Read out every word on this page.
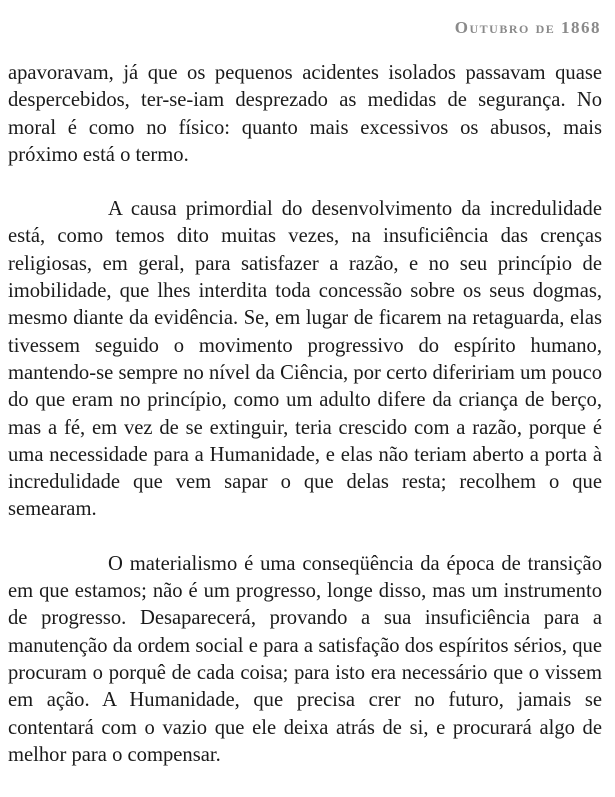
Outubro de 1868

apavoravam, já que os pequenos acidentes isolados passavam quase despercebidos, ter-se-iam desprezado as medidas de segurança. No moral é como no físico: quanto mais excessivos os abusos, mais próximo está o termo.

A causa primordial do desenvolvimento da incredulidade está, como temos dito muitas vezes, na insuficiência das crenças religiosas, em geral, para satisfazer a razão, e no seu princípio de imobilidade, que lhes interdita toda concessão sobre os seus dogmas, mesmo diante da evidência. Se, em lugar de ficarem na retaguarda, elas tivessem seguido o movimento progressivo do espírito humano, mantendo-se sempre no nível da Ciência, por certo difeririam um pouco do que eram no princípio, como um adulto difere da criança de berço, mas a fé, em vez de se extinguir, teria crescido com a razão, porque é uma necessidade para a Humanidade, e elas não teriam aberto a porta à incredulidade que vem sapar o que delas resta; recolhem o que semearam.

O materialismo é uma conseqüência da época de transição em que estamos; não é um progresso, longe disso, mas um instrumento de progresso. Desaparecerá, provando a sua insuficiência para a manutenção da ordem social e para a satisfação dos espíritos sérios, que procuram o porquê de cada coisa; para isto era necessário que o vissem em ação. A Humanidade, que precisa crer no futuro, jamais se contentará com o vazio que ele deixa atrás de si, e procurará algo de melhor para o compensar.
